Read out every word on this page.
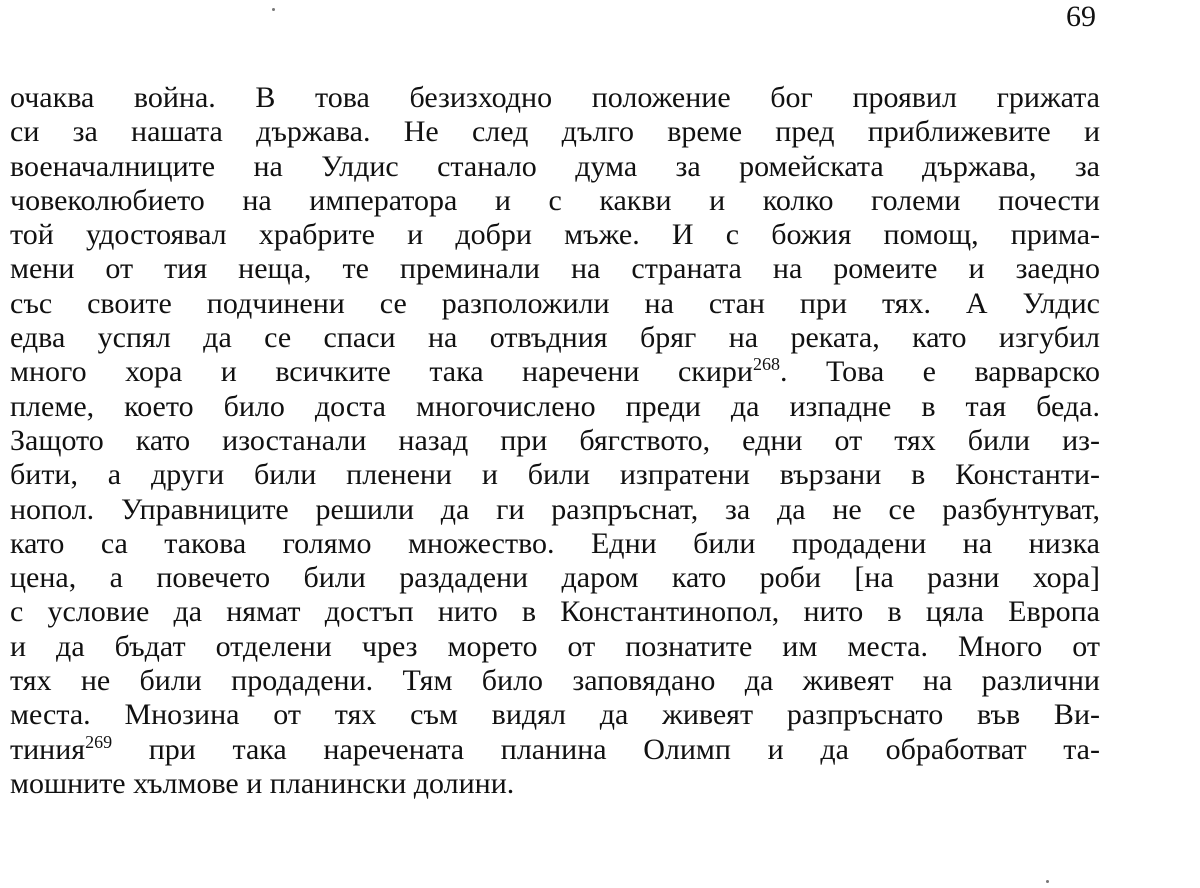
69
очаква война. В това безизходно положение бог проявил грижата
си за нашата държава. Не след дълго време пред приближевите и
военачалниците на Улдис станало дума за ромейската държава, за
човеколюбието на императора и с какви и колко големи почести
той удостоявал храбрите и добри мъже. И с божия помощ, прима-
мени от тия неща, те преминали на страната на ромеите и заедно
със своите подчинени се разположили на стан при тях. А Улдис
едва успял да се спаси на отвъдния бряг на реката, като изгубил
много хора и всичките така наречени скири$^{268}$. Това е варварско
племе, което било доста многочислено преди да изпадне в тая беда.
Защото като изостанали назад при бягството, едни от тях били из-
бити, а други били пленени и били изпратени вързани в Константи-
нопол. Управниците решили да ги разпръснат, за да не се разбунтуват,
като са такова голямо множество. Едни били продадени на низка
цена, а повечето били раздадени даром като роби [на разни хора]
с условие да нямат достъп нито в Константинопол, нито в цяла Европа
и да бъдат отделени чрез морето от познатите им места. Много от
тях не били продадени. Тям било заповядано да живеят на различни
места. Мнозина от тях съм видял да живеят разпръснато във Ви-
тиния$^{269}$ при така наречената планина Олимп и да обработват та-
мошните хълмове и планински долини.
